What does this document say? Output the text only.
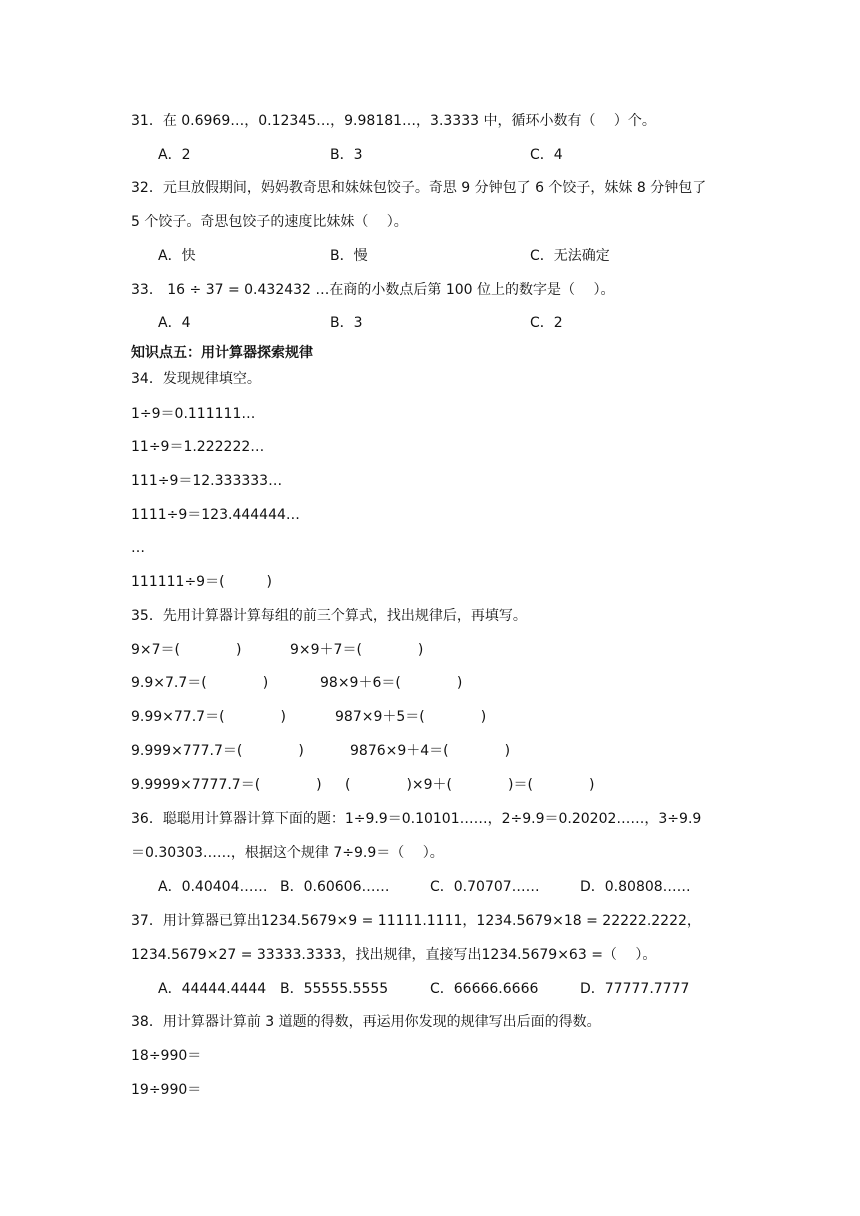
31．在 0.6969…，0.12345…，9.98181…，3.3333 中，循环小数有（　 ）个。
A．2	B．3	C．4
32．元旦放假期间，妈妈教奇思和妹妹包饺子。奇思 9 分钟包了 6 个饺子，妹妹 8 分钟包了
5 个饺子。奇思包饺子的速度比妹妹（　 ）。
A．快	B．慢	C．无法确定
33． 16 ÷ 37 = 0.432432 …在商的小数点后第 100 位上的数字是（　 ）。
A．4	B．3	C．2
知识点五：用计算器探索规律
34．发现规律填空。
1÷9＝0.111111…
11÷9＝1.222222…
111÷9＝12.333333…
1111÷9＝123.444444…
…
111111÷9＝(　　　)
35．先用计算器计算每组的前三个算式，找出规律后，再填写。
9×7＝(　　　　)	9×9＋7＝(　　　　)
9.9×7.7＝(　　　　)	98×9＋6＝(　　　　)
9.99×77.7＝(　　　　)	987×9＋5＝(　　　　)
9.999×777.7＝(　　　　)	9876×9＋4＝(　　　　)
9.9999×7777.7＝(　　　　) (　　　　)×9＋(　　　　)＝(　　　　)
36．聪聪用计算器计算下面的题：1÷9.9＝0.10101……，2÷9.9＝0.20202……，3÷9.9
＝0.30303……，根据这个规律 7÷9.9＝（　 ）。
A．0.40404…… B．0.60606……	C．0.70707……	D．0.80808……
37．用计算器已算出1234.5679×9 = 11111.1111，1234.5679×18 = 22222.2222，
1234.5679×27 = 33333.3333，找出规律，直接写出1234.5679×63 =（　 ）。
A．44444.4444 B．55555.5555	C．66666.6666	D．77777.7777
38．用计算器计算前 3 道题的得数，再运用你发现的规律写出后面的得数。
18÷990＝
19÷990＝
